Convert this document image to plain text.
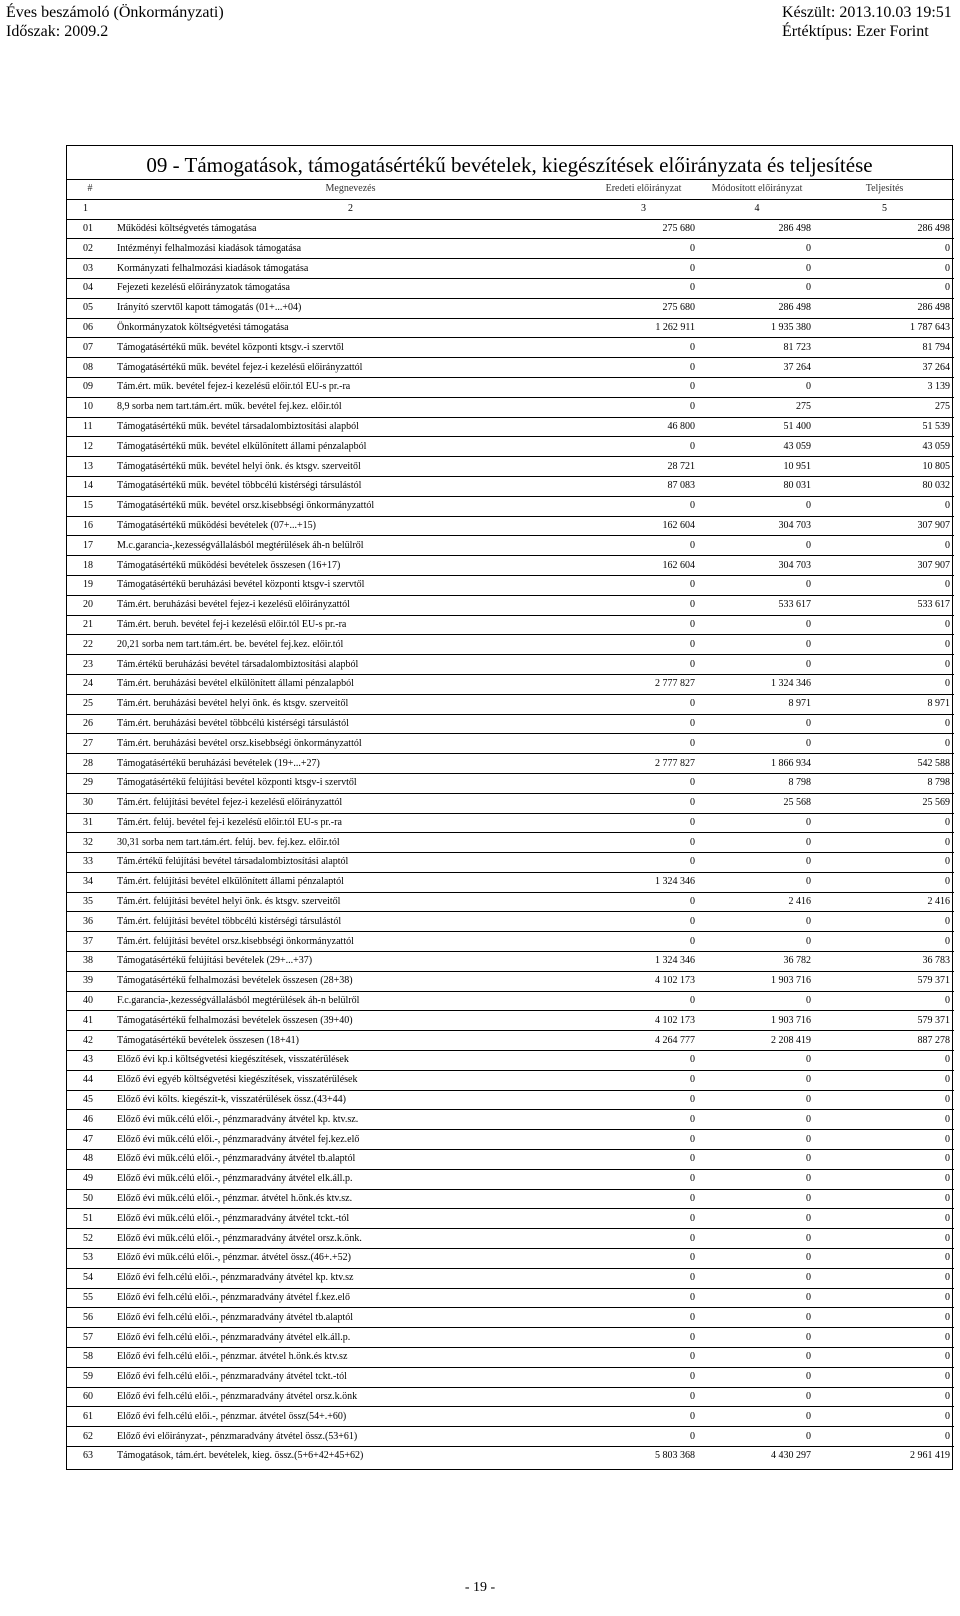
Éves beszámoló (Önkormányzati)
Időszak: 2009.2
Készült: 2013.10.03 19:51
Értéktípus: Ezer Forint
09 - Támogatások, támogatásértékű bevételek, kiegészítések előirányzata és teljesítése
#	Megnevezés	Eredeti előirányzat	Módosított előirányzat	Teljesítés
1	2	3	4	5
01	Működési költségvetés támogatása	275 680	286 498	286 498
02	Intézményi felhalmozási kiadások támogatása	0	0	0
03	Kormányzati felhalmozási kiadások támogatása	0	0	0
04	Fejezeti kezelésű előirányzatok támogatása	0	0	0
05	Irányító szervtől kapott támogatás (01+...+04)	275 680	286 498	286 498
06	Önkormányzatok költségvetési támogatása	1 262 911	1 935 380	1 787 643
07	Támogatásértékű műk. bevétel központi ktsgv.-i szervtől	0	81 723	81 794
08	Támogatásértékű műk. bevétel fejez-i kezelésű előirányzattól	0	37 264	37 264
09	Tám.ért. műk. bevétel fejez-i kezelésű előir.tól EU-s pr.-ra	0	0	3 139
10	8,9 sorba nem tart.tám.ért. műk. bevétel fej.kez. előir.tól	0	275	275
11	Támogatásértékű műk. bevétel társadalombiztosítási alapból	46 800	51 400	51 539
12	Támogatásértékű műk. bevétel elkülönített állami pénzalapból	0	43 059	43 059
13	Támogatásértékű műk. bevétel helyi önk. és ktsgv. szerveitől	28 721	10 951	10 805
14	Támogatásértékű műk. bevétel többcélú kistérségi társulástól	87 083	80 031	80 032
15	Támogatásértékű műk. bevétel orsz.kisebbségi önkormányzattól	0	0	0
16	Támogatásértékű működési bevételek (07+...+15)	162 604	304 703	307 907
17	M.c.garancia-,kezességvállalásból megtérülések áh-n belülről	0	0	0
18	Támogatásértékű működési bevételek összesen (16+17)	162 604	304 703	307 907
19	Támogatásértékű beruházási bevétel központi ktsgv-i szervtől	0	0	0
20	Tám.ért. beruházási bevétel fejez-i kezelésű előirányzattól	0	533 617	533 617
21	Tám.ért. beruh. bevétel fej-i kezelésű előir.tól EU-s pr.-ra	0	0	0
22	20,21 sorba nem tart.tám.ért. be. bevétel fej.kez. előir.tól	0	0	0
23	Tám.értékű beruházási bevétel társadalombiztosítási alapból	0	0	0
24	Tám.ért. beruházási bevétel elkülönített állami pénzalapból	2 777 827	1 324 346	0
25	Tám.ért. beruházási bevétel helyi önk. és ktsgv. szerveitől	0	8 971	8 971
26	Tám.ért. beruházási bevétel többcélú kistérségi társulástól	0	0	0
27	Tám.ért. beruházási bevétel orsz.kisebbségi önkormányzattól	0	0	0
28	Támogatásértékű beruházási bevételek (19+...+27)	2 777 827	1 866 934	542 588
29	Támogatásértékű felújítási bevétel központi ktsgv-i szervtől	0	8 798	8 798
30	Tám.ért. felújítási bevétel fejez-i kezelésű előirányzattól	0	25 568	25 569
31	Tám.ért. felúj. bevétel fej-i kezelésű előir.tól EU-s pr.-ra	0	0	0
32	30,31 sorba nem tart.tám.ért. felúj. bev. fej.kez. előir.tól	0	0	0
33	Tám.értékű felújítási bevétel társadalombiztosítási alaptól	0	0	0
34	Tám.ért. felújítási bevétel elkülönített állami pénzalaptól	1 324 346	0	0
35	Tám.ért. felújítási bevétel helyi önk. és ktsgv. szerveitől	0	2 416	2 416
36	Tám.ért. felújítási bevétel többcélú kistérségi társulástól	0	0	0
37	Tám.ért. felújítási bevétel orsz.kisebbségi önkormányzattól	0	0	0
38	Támogatásértékű felújítási bevételek (29+...+37)	1 324 346	36 782	36 783
39	Támogatásértékű felhalmozási bevételek összesen (28+38)	4 102 173	1 903 716	579 371
40	F.c.garancia-,kezességvállalásból megtérülések áh-n belülről	0	0	0
41	Támogatásértékű felhalmozási bevételek összesen (39+40)	4 102 173	1 903 716	579 371
42	Támogatásértékű bevételek összesen (18+41)	4 264 777	2 208 419	887 278
43	Előző évi kp.i költségvetési kiegészítések, visszatérülések	0	0	0
44	Előző évi egyéb költségvetési kiegészítések, visszatérülések	0	0	0
45	Előző évi költs. kiegészít-k, visszatérülések össz.(43+44)	0	0	0
46	Előző évi műk.célú elői.-, pénzmaradvány átvétel kp. ktv.sz.	0	0	0
47	Előző évi műk.célú elői.-, pénzmaradvány átvétel fej.kez.elő	0	0	0
48	Előző évi műk.célú elői.-, pénzmaradvány átvétel tb.alaptól	0	0	0
49	Előző évi műk.célú elői.-, pénzmaradvány átvétel elk.áll.p.	0	0	0
50	Előző évi műk.célú elői.-, pénzmar. átvétel h.önk.és ktv.sz.	0	0	0
51	Előző évi műk.célú elői.-, pénzmaradvány átvétel tckt.-tól	0	0	0
52	Előző évi műk.célú elői.-, pénzmaradvány átvétel orsz.k.önk.	0	0	0
53	Előző évi műk.célú elői.-, pénzmar. átvétel össz.(46+.+52)	0	0	0
54	Előző évi felh.célú elői.-, pénzmaradvány átvétel kp. ktv.sz	0	0	0
55	Előző évi felh.célú elői.-, pénzmaradvány átvétel f.kez.elő	0	0	0
56	Előző évi felh.célú elői.-, pénzmaradvány átvétel tb.alaptól	0	0	0
57	Előző évi felh.célú elői.-, pénzmaradvány átvétel elk.áll.p.	0	0	0
58	Előző évi felh.célú elői.-, pénzmar. átvétel h.önk.és ktv.sz	0	0	0
59	Előző évi felh.célú elői.-, pénzmaradvány átvétel tckt.-tól	0	0	0
60	Előző évi felh.célú elői.-, pénzmaradvány átvétel orsz.k.önk	0	0	0
61	Előző évi felh.célú elői.-, pénzmar. átvétel össz(54+.+60)	0	0	0
62	Előző évi előirányzat-, pénzmaradvány átvétel össz.(53+61)	0	0	0
63	Támogatások, tám.ért. bevételek, kieg. össz.(5+6+42+45+62)	5 803 368	4 430 297	2 961 419
- 19 -
